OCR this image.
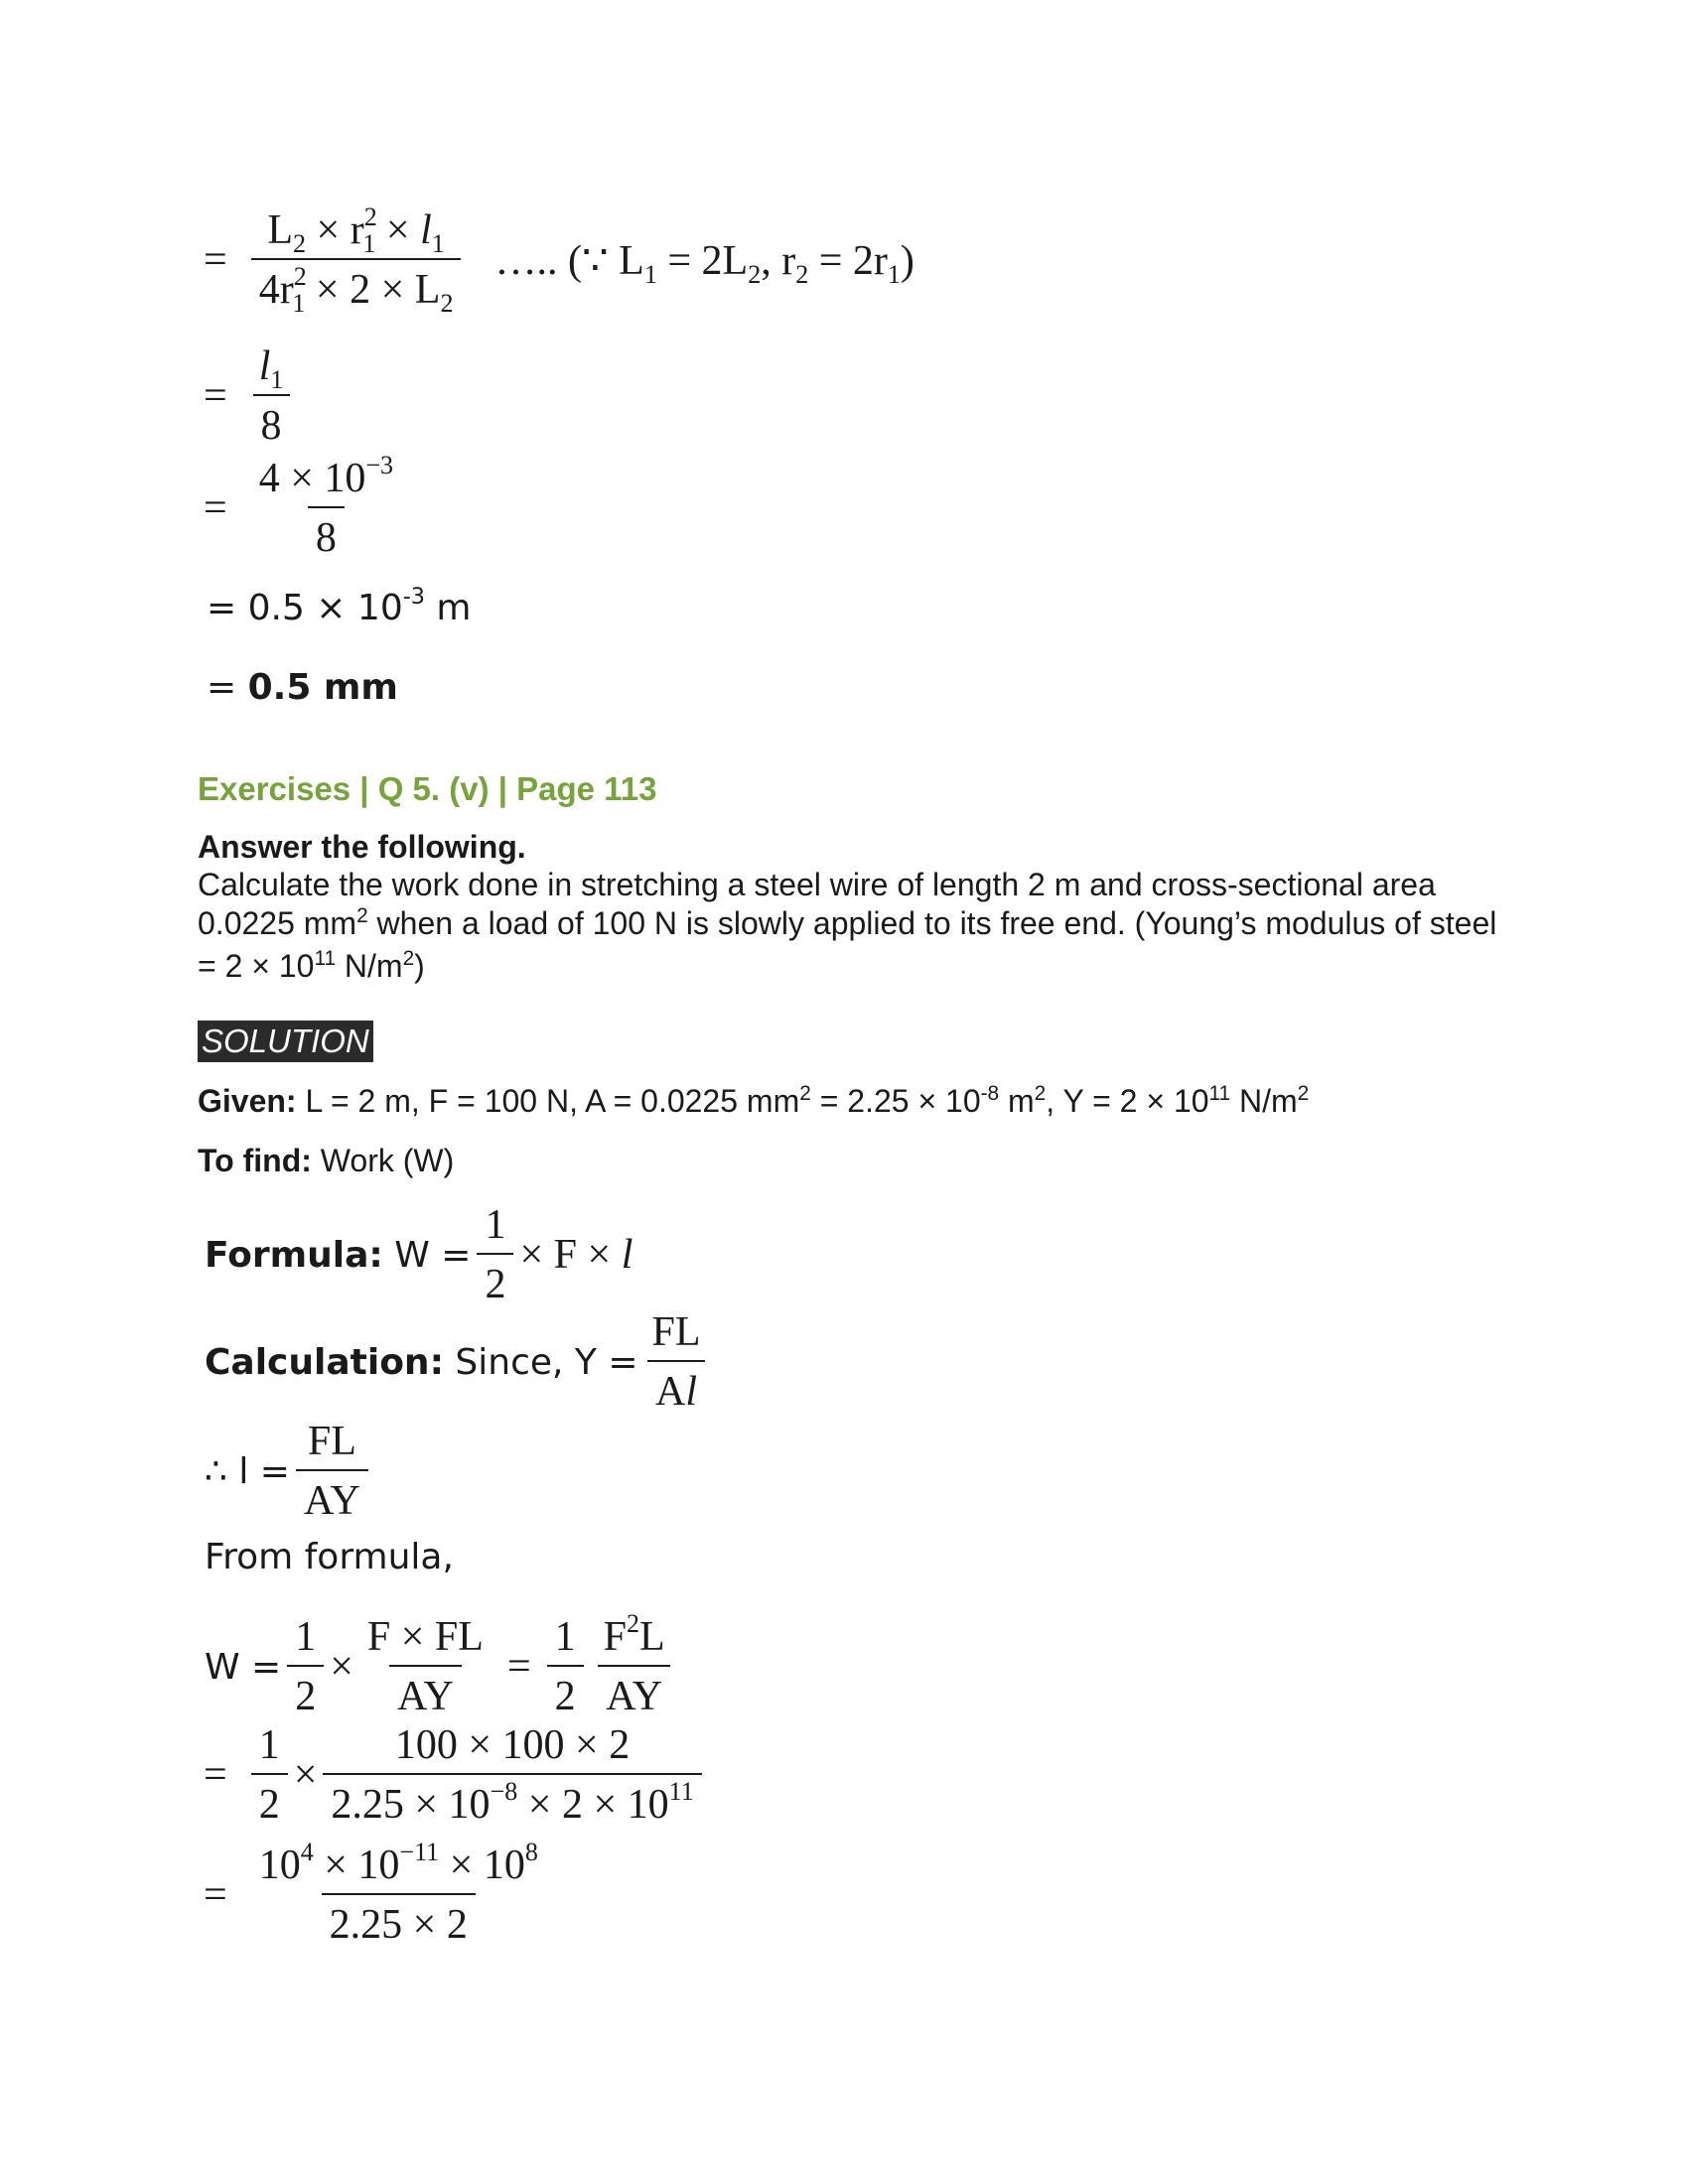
= $\frac{L_2 \times r^2_1 \times l_1}{4r^2_1 \times 2 \times L_2}$ ….. (∵ $L_1 = 2L_2$, $r_2 = 2r_1$)
= $\frac{l_1}{8}$
= $\frac{4 \times 10^{-3}}{8}$
= $0.5 \times 10^{-3}$ m
= 0.5 mm
Exercises | Q 5. (v) | Page 113
Answer the following.
Calculate the work done in stretching a steel wire of length 2 m and cross-sectional area 0.0225 $mm^2$ when a load of 100 N is slowly applied to its free end. (Young’s modulus of steel = $2 \times 10^{11}$ $N/m^2$)
SOLUTION
Given: L = 2 m, F = 100 N, A = 0.0225 $mm^2 = 2.25 \times 10^{-8}$ $m^2$, $Y = 2 \times 10^{11}$ $N/m^2$
To find: Work (W)
Formula: $W = \frac{1}{2} \times F \times l$
Calculation: Since, $Y = \frac{FL}{Al}$
∴ $l = \frac{FL}{AY}$
From formula,
$W = \frac{1}{2} \times \frac{F \times FL}{AY} = \frac{1}{2} \frac{F^2L}{AY}$
= $\frac{1}{2} \times \frac{100 \times 100 \times 2}{2.25 \times 10^{-8} \times 2 \times 10^{11}}$
= $\frac{10^4 \times 10^{-11} \times 10^8}{2.25 \times 2}$
